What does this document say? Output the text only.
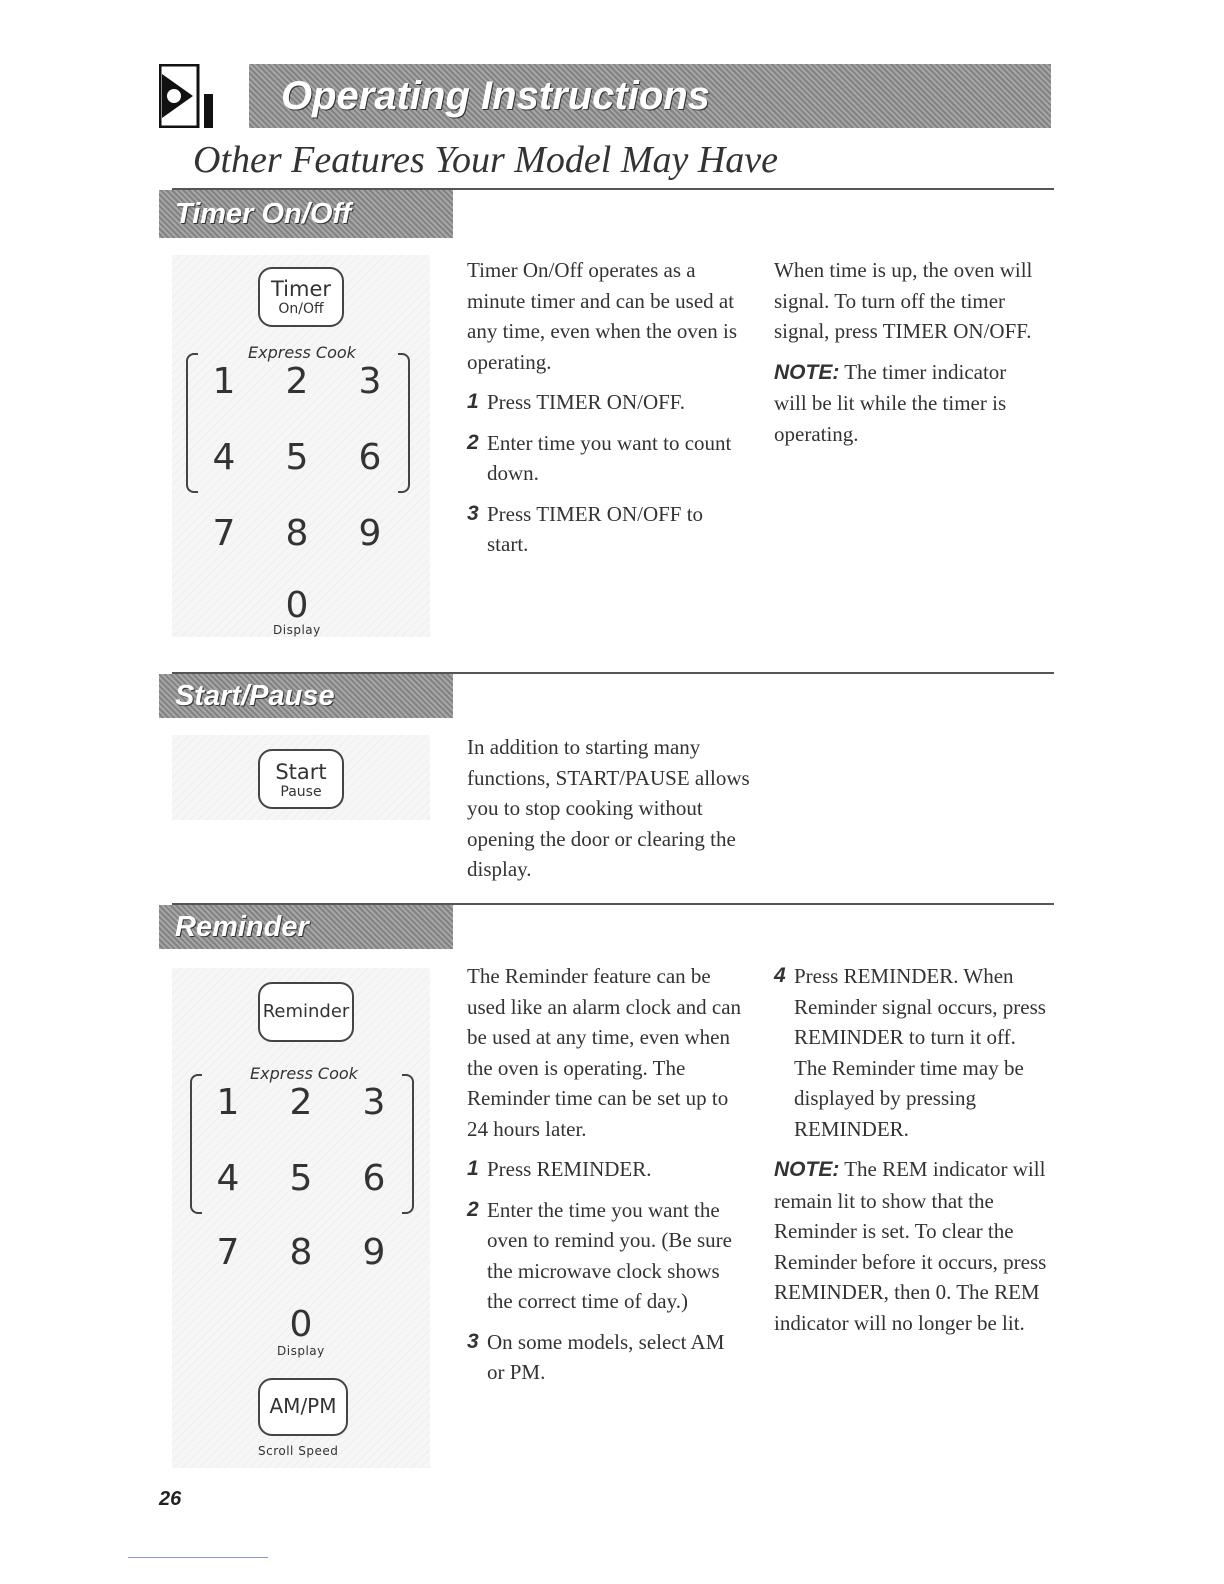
Operating Instructions
Other Features Your Model May Have
Timer On/Off
Timer
On/Off
Express Cook
1 2 3
4 5 6
7 8 9
0
Display

Timer On/Off operates as a minute timer and can be used at any time, even when the oven is operating.

1 Press TIMER ON/OFF.
2 Enter time you want to count down.
3 Press TIMER ON/OFF to start.

When time is up, the oven will signal. To turn off the timer signal, press TIMER ON/OFF.

NOTE: The timer indicator will be lit while the timer is operating.

Start/Pause
Start
Pause

In addition to starting many functions, START/PAUSE allows you to stop cooking without opening the door or clearing the display.

Reminder
Reminder
Express Cook
1 2 3
4 5 6
7 8 9
0
Display
AM/PM
Scroll Speed

The Reminder feature can be used like an alarm clock and can be used at any time, even when the oven is operating. The Reminder time can be set up to 24 hours later.

1 Press REMINDER.
2 Enter the time you want the oven to remind you. (Be sure the microwave clock shows the correct time of day.)
3 On some models, select AM or PM.
4 Press REMINDER. When Reminder signal occurs, press REMINDER to turn it off. The Reminder time may be displayed by pressing REMINDER.

NOTE: The REM indicator will remain lit to show that the Reminder is set. To clear the Reminder before it occurs, press REMINDER, then 0. The REM indicator will no longer be lit.

26
